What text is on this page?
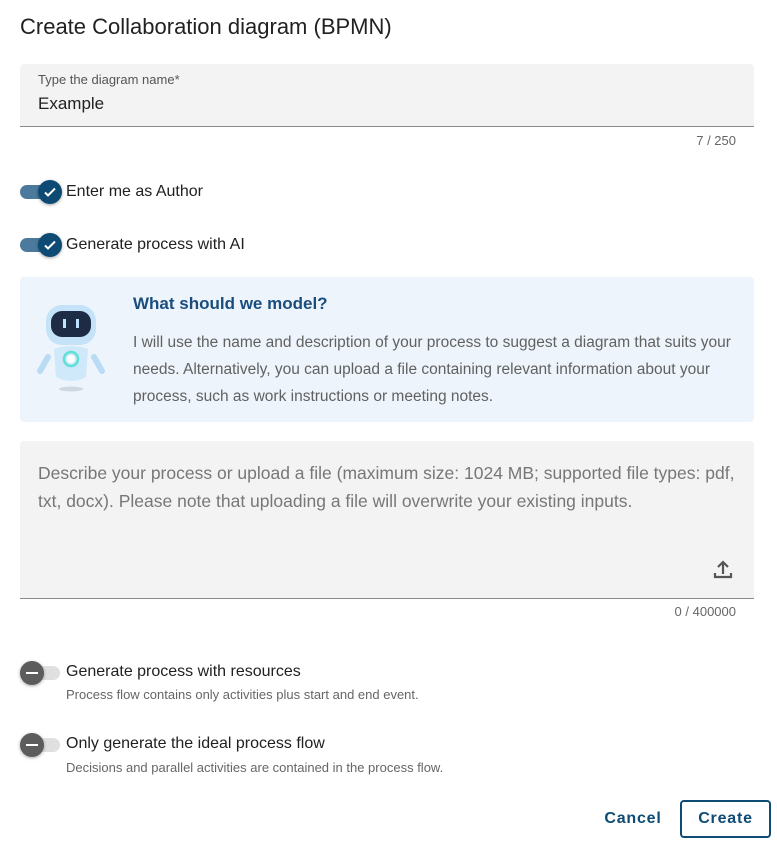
Create Collaboration diagram (BPMN)
Type the diagram name*
Example
7 / 250
Enter me as Author
Generate process with AI
What should we model?

I will use the name and description of your process to suggest a diagram that suits your needs. Alternatively, you can upload a file containing relevant information about your process, such as work instructions or meeting notes.

Describe your process or upload a file (maximum size: 1024 MB; supported file types: pdf, txt, docx). Please note that uploading a file will overwrite your existing inputs.
0 / 400000
Generate process with resources
Process flow contains only activities plus start and end event.
Only generate the ideal process flow
Decisions and parallel activities are contained in the process flow.
Cancel	Create
